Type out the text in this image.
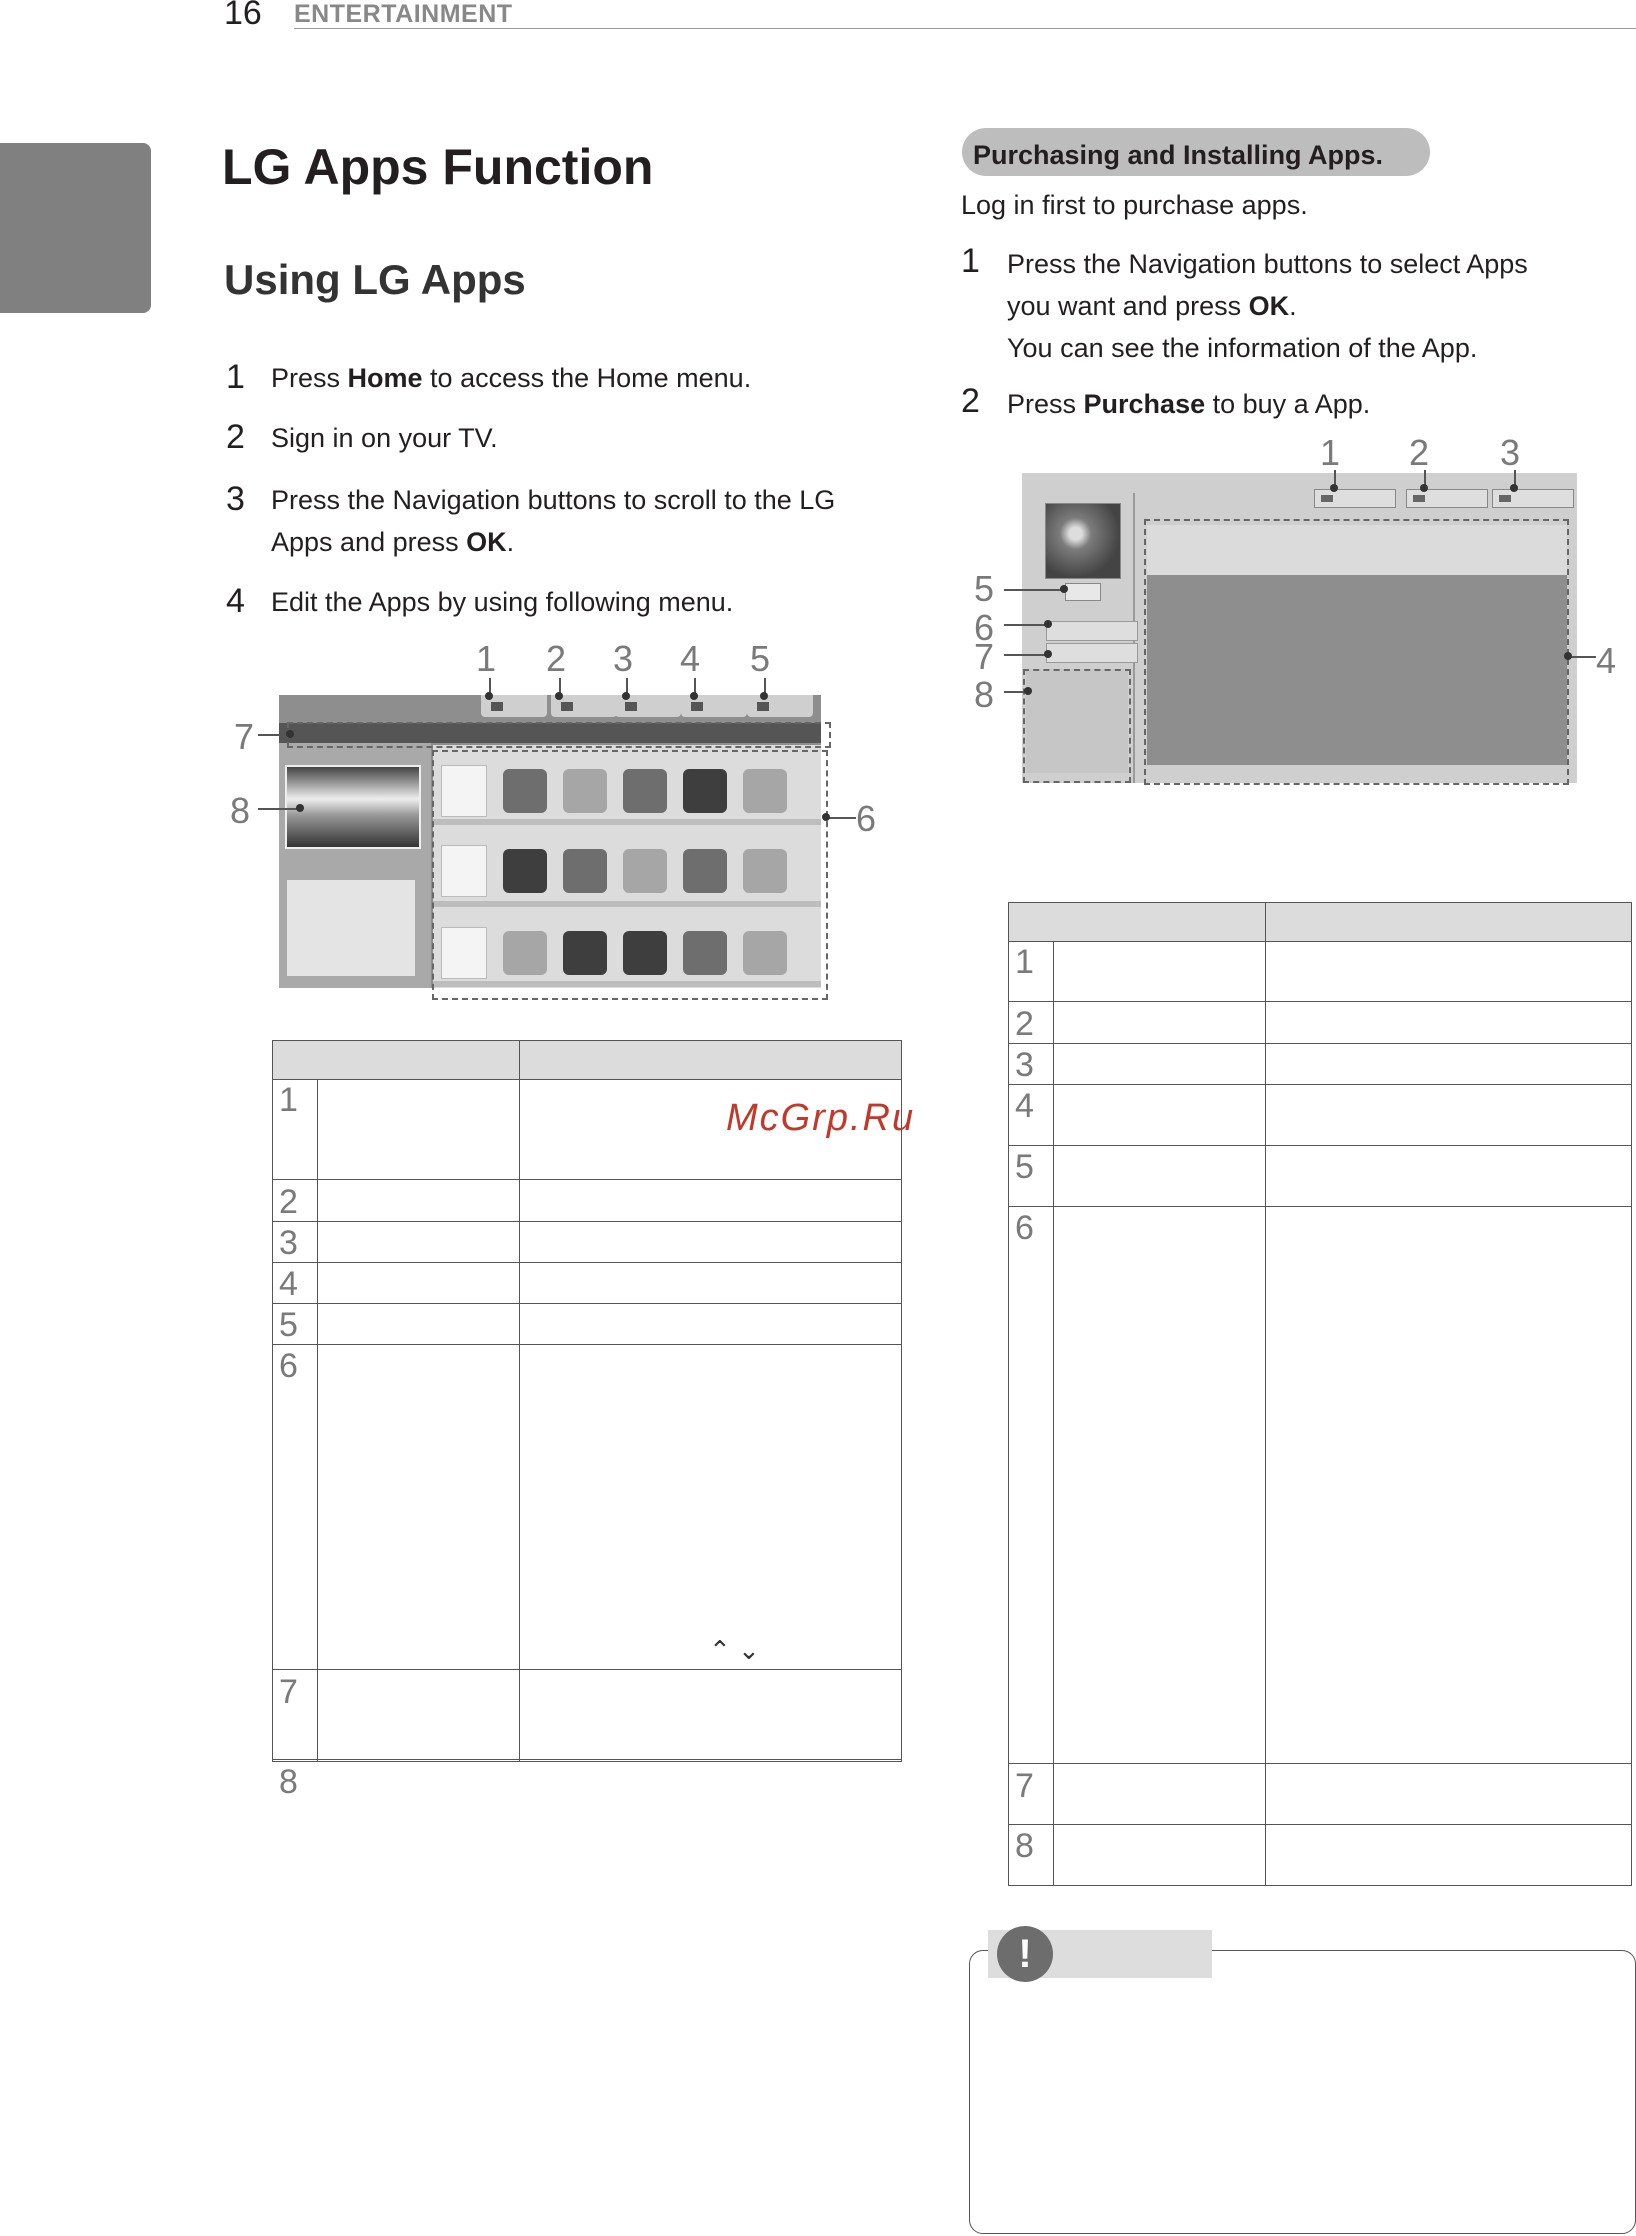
16 ENTERTAINMENT
LG Apps Function
Using LG Apps
1 Press Home to access the Home menu.
2 Sign in on your TV.
3 Press the Navigation buttons to scroll to the LG
Apps and press OK.
4 Edit the Apps by using following menu.
1 2 3 4 5
6
7
8
1
2
3
4
5
6
⌃ ⌄
7
8
McGrp.Ru
Purchasing and Installing Apps.
Log in first to purchase apps.
1 Press the Navigation buttons to select Apps
you want and press OK.
You can see the information of the App.
2 Press Purchase to buy a App.
1 2 3
4
5
6
7
8
1
2
3
4
5
6
7
8
!
